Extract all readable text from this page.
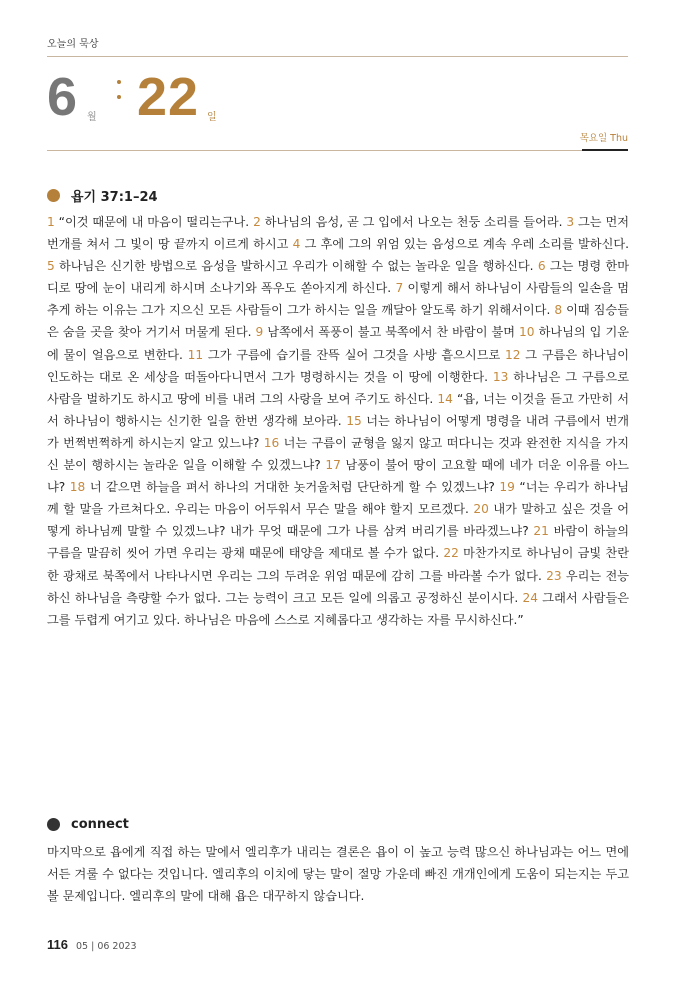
오늘의 묵상
6 월 22 일
목요일 Thu
욥기 37:1–24
1 “이것 때문에 내 마음이 떨리는구나. 2 하나님의 음성, 곧 그 입에서 나오는 천둥 소리를 들어라. 3 그는 먼저 번개를 쳐서 그 빛이 땅 끝까지 이르게 하시고 4 그 후에 그의 위엄 있는 음성으로 계속 우레 소리를 발하신다. 5 하나님은 신기한 방법으로 음성을 발하시고 우리가 이해할 수 없는 놀라운 일을 행하신다. 6 그는 명령 한마디로 땅에 눈이 내리게 하시며 소나기와 폭우도 쏟아지게 하신다. 7 이렇게 해서 하나님이 사람들의 일손을 멈추게 하는 이유는 그가 지으신 모든 사람들이 그가 하시는 일을 깨달아 알도록 하기 위해서이다. 8 이때 짐승들은 숨을 곳을 찾아 거기서 머물게 된다. 9 남쪽에서 폭풍이 불고 북쪽에서 찬 바람이 불며 10 하나님의 입 기운에 물이 얼음으로 변한다. 11 그가 구름에 습기를 잔뜩 실어 그것을 사방 흩으시므로 12 그 구름은 하나님이 인도하는 대로 온 세상을 떠돌아다니면서 그가 명령하시는 것을 이 땅에 이행한다. 13 하나님은 그 구름으로 사람을 벌하기도 하시고 땅에 비를 내려 그의 사랑을 보여 주기도 하신다. 14 “욥, 너는 이것을 듣고 가만히 서서 하나님이 행하시는 신기한 일을 한번 생각해 보아라. 15 너는 하나님이 어떻게 명령을 내려 구름에서 번개가 번쩍번쩍하게 하시는지 알고 있느냐? 16 너는 구름이 균형을 잃지 않고 떠다니는 것과 완전한 지식을 가지신 분이 행하시는 놀라운 일을 이해할 수 있겠느냐? 17 남풍이 불어 땅이 고요할 때에 네가 더운 이유를 아느냐? 18 너 같으면 하늘을 펴서 하나의 거대한 놋거울처럼 단단하게 할 수 있겠느냐? 19 “너는 우리가 하나님께 할 말을 가르쳐다오. 우리는 마음이 어두워서 무슨 말을 해야 할지 모르겠다. 20 내가 말하고 싶은 것을 어떻게 하나님께 말할 수 있겠느냐? 내가 무엇 때문에 그가 나를 삼켜 버리기를 바라겠느냐? 21 바람이 하늘의 구름을 말끔히 씻어 가면 우리는 광채 때문에 태양을 제대로 볼 수가 없다. 22 마찬가지로 하나님이 금빛 찬란한 광채로 북쪽에서 나타나시면 우리는 그의 두려운 위엄 때문에 감히 그를 바라볼 수가 없다. 23 우리는 전능하신 하나님을 측량할 수가 없다. 그는 능력이 크고 모든 일에 의롭고 공정하신 분이시다. 24 그래서 사람들은 그를 두렵게 여기고 있다. 하나님은 마음에 스스로 지혜롭다고 생각하는 자를 무시하신다.”
connect
마지막으로 욥에게 직접 하는 말에서 엘리후가 내리는 결론은 욥이 이 높고 능력 많으신 하나님과는 어느 면에서든 겨룰 수 없다는 것입니다. 엘리후의 이치에 닿는 말이 절망 가운데 빠진 개개인에게 도움이 되는지는 두고 볼 문제입니다. 엘리후의 말에 대해 욥은 대꾸하지 않습니다.
116 05 | 06 2023
